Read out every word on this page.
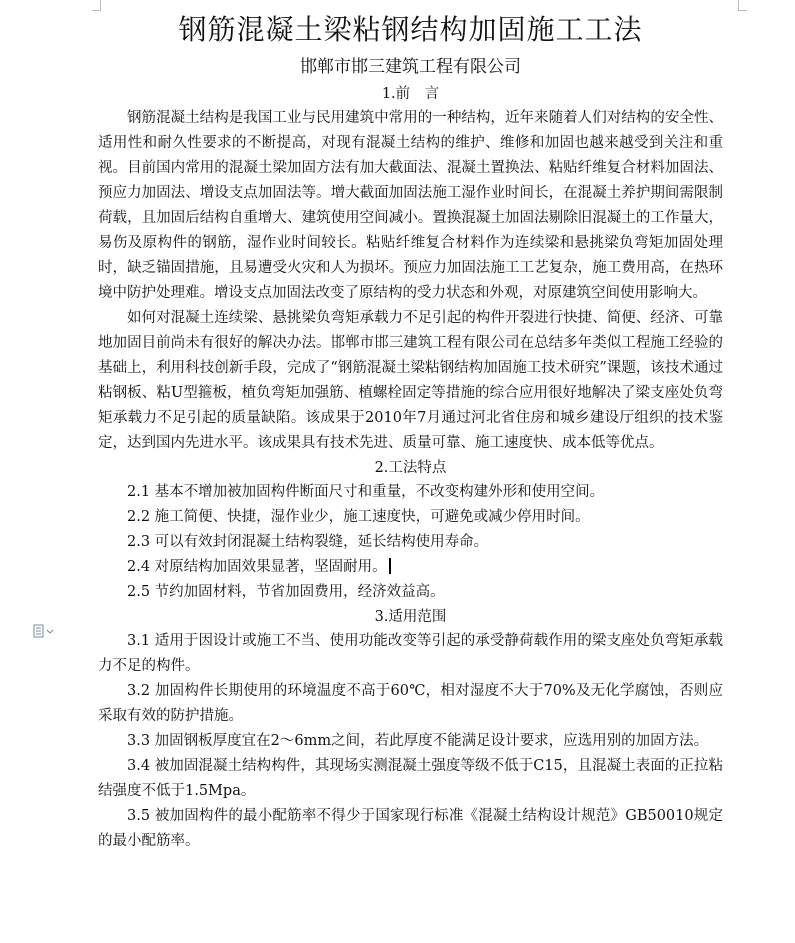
钢筋混凝土梁粘钢结构加固施工工法

邯郸市邯三建筑工程有限公司

1.前　言

钢筋混凝土结构是我国工业与民用建筑中常用的一种结构，近年来随着人们对结构的安全性、适用性和耐久性要求的不断提高，对现有混凝土结构的维护、维修和加固也越来越受到关注和重视。目前国内常用的混凝土梁加固方法有加大截面法、混凝土置换法、粘贴纤维复合材料加固法、预应力加固法、增设支点加固法等。增大截面加固法施工湿作业时间长，在混凝土养护期间需限制荷载，且加固后结构自重增大、建筑使用空间减小。置换混凝土加固法剔除旧混凝土的工作量大，易伤及原构件的钢筋，湿作业时间较长。粘贴纤维复合材料作为连续梁和悬挑梁负弯矩加固处理时，缺乏锚固措施，且易遭受火灾和人为损坏。预应力加固法施工工艺复杂，施工费用高，在热环境中防护处理难。增设支点加固法改变了原结构的受力状态和外观，对原建筑空间使用影响大。

如何对混凝土连续梁、悬挑梁负弯矩承载力不足引起的构件开裂进行快捷、简便、经济、可靠地加固目前尚未有很好的解决办法。邯郸市邯三建筑工程有限公司在总结多年类似工程施工经验的基础上，利用科技创新手段，完成了“钢筋混凝土梁粘钢结构加固施工技术研究”课题，该技术通过粘钢板、粘U型箍板，植负弯矩加强筋、植螺栓固定等措施的综合应用很好地解决了梁支座处负弯矩承载力不足引起的质量缺陷。该成果于2010年7月通过河北省住房和城乡建设厅组织的技术鉴定，达到国内先进水平。该成果具有技术先进、质量可靠、施工速度快、成本低等优点。

2.工法特点

2.1 基本不增加被加固构件断面尺寸和重量，不改变构建外形和使用空间。

2.2 施工简便、快捷，湿作业少，施工速度快，可避免或减少停用时间。

2.3 可以有效封闭混凝土结构裂缝，延长结构使用寿命。

2.4 对原结构加固效果显著，坚固耐用。

2.5 节约加固材料，节省加固费用，经济效益高。

3.适用范围

3.1 适用于因设计或施工不当、使用功能改变等引起的承受静荷载作用的梁支座处负弯矩承载力不足的构件。

3.2 加固构件长期使用的环境温度不高于60℃，相对湿度不大于70%及无化学腐蚀，否则应采取有效的防护措施。

3.3 加固钢板厚度宜在2～6mm之间，若此厚度不能满足设计要求，应选用别的加固方法。

3.4 被加固混凝土结构构件，其现场实测混凝土强度等级不低于C15，且混凝土表面的正拉粘结强度不低于1.5Mpa。

3.5 被加固构件的最小配筋率不得少于国家现行标准《混凝土结构设计规范》GB50010规定的最小配筋率。
